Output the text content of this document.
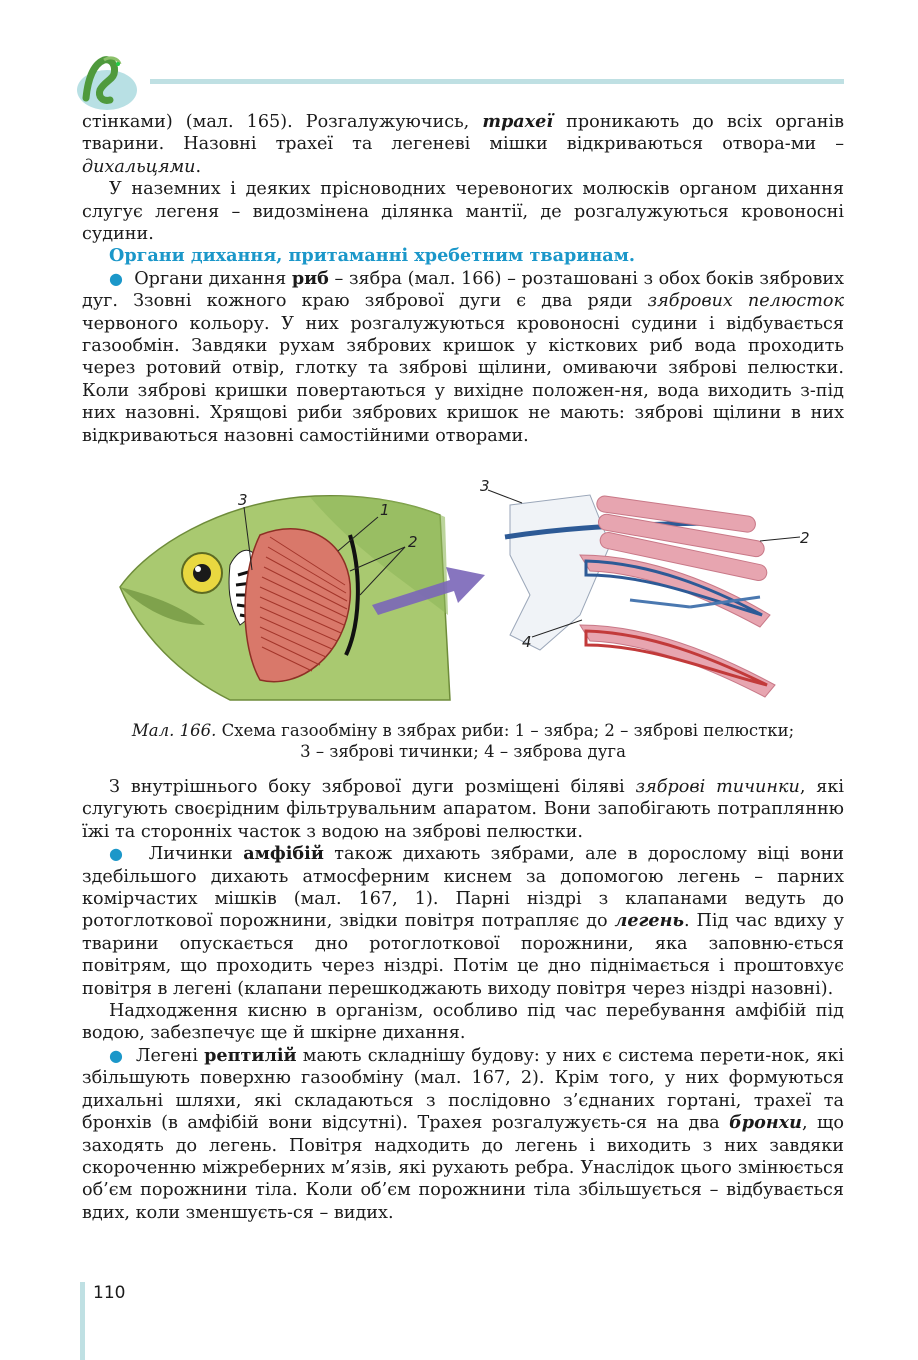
стінками) (мал. 165). Розгалужуючись, трахеї проникають до всіх органів тварини. Назовні трахеї та легеневі мішки відкриваються отвора-ми – дихальцями.

У наземних і деяких прісноводних черевоногих молюсків органом дихання слугує легеня – видозмінена ділянка мантії, де розгалужуються кровоносні судини.

Органи дихання, притаманні хребетним тваринам.

● Органи дихання риб – зябра (мал. 166) – розташовані з обох боків зябрових дуг. Ззовні кожного краю зябрової дуги є два ряди зябрових пелюсток червоного кольору. У них розгалужуються кровоносні судини і відбувається газообмін. Завдяки рухам зябрових кришок у кісткових риб вода проходить через ротовий отвір, глотку та зяброві щілини, омиваючи зяброві пелюстки. Коли зяброві кришки повертаються у вихідне положен-ня, вода виходить з-під них назовні. Хрящові риби зябрових кришок не мають: зяброві щілини в них відкриваються назовні самостійними отворами.

3
1
2
3
2
4
Мал. 166. Схема газообміну в зябрах риби: 1 – зябра; 2 – зяброві пелюстки;
3 – зяброві тичинки; 4 – зяброва дуга

З внутрішнього боку зябрової дуги розміщені біляві зяброві тичинки, які слугують своєрідним фільтрувальним апаратом. Вони запобігають потраплянню їжі та сторонніх часток з водою на зяброві пелюстки.

● Личинки амфібій також дихають зябрами, але в дорослому віці вони здебільшого дихають атмосферним киснем за допомогою легень – парних комірчастих мішків (мал. 167, 1). Парні ніздрі з клапанами ведуть до ротоглоткової порожнини, звідки повітря потрапляє до легень. Під час вдиху у тварини опускається дно ротоглоткової порожнини, яка заповню-ється повітрям, що проходить через ніздрі. Потім це дно піднімається і проштовхує повітря в легені (клапани перешкоджають виходу повітря через ніздрі назовні).

Надходження кисню в організм, особливо під час перебування амфібій під водою, забезпечує ще й шкірне дихання.

● Легені рептилій мають складнішу будову: у них є система перети-нок, які збільшують поверхню газообміну (мал. 167, 2). Крім того, у них формуються дихальні шляхи, які складаються з послідовно з’єднаних гортані, трахеї та бронхів (в амфібій вони відсутні). Трахея розгалужуєть-ся на два бронхи, що заходять до легень. Повітря надходить до легень і виходить з них завдяки скороченню міжреберних м’язів, які рухають ребра. Унаслідок цього змінюється об’єм порожнини тіла. Коли об’єм порожнини тіла збільшується – відбувається вдих, коли зменшуєть-ся – видих.

110
